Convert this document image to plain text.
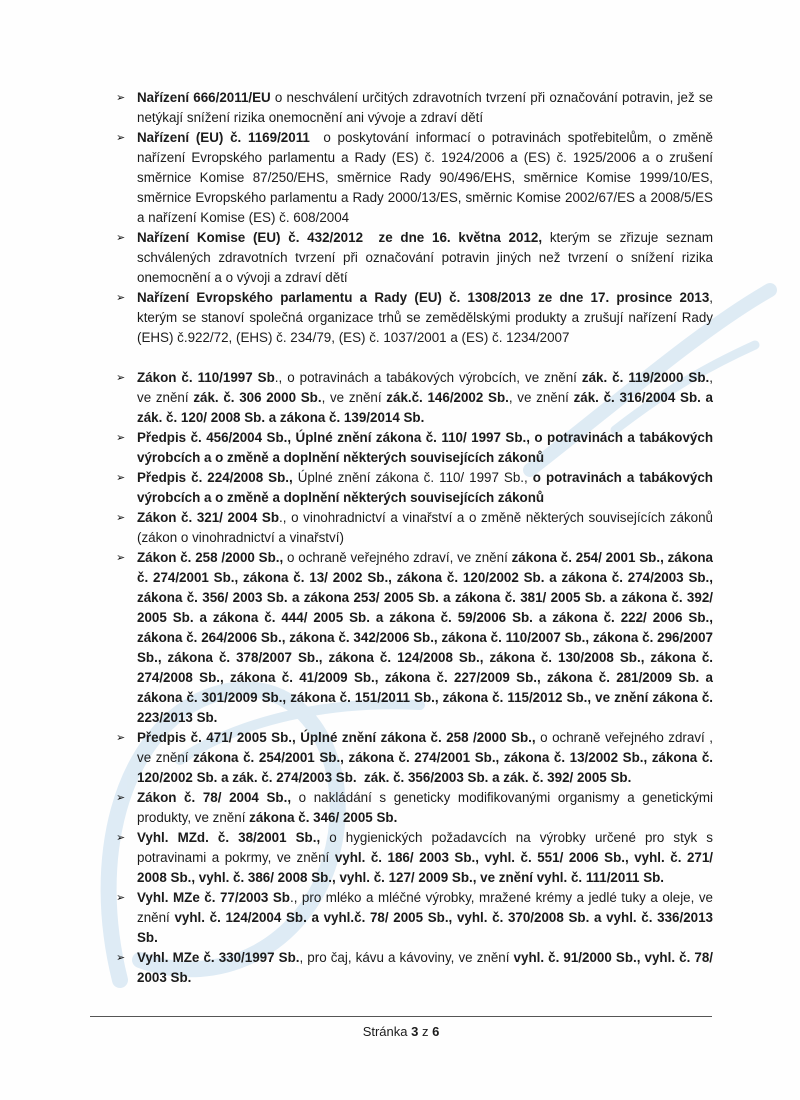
➢ Nařízení 666/2011/EU o neschválení určitých zdravotních tvrzení při označování potravin, jež se netýkají snížení rizika onemocnění ani vývoje a zdraví dětí
➢ Nařízení (EU) č. 1169/2011  o poskytování informací o potravinách spotřebitelům, o změně nařízení Evropského parlamentu a Rady (ES) č. 1924/2006 a (ES) č. 1925/2006 a o zrušení směrnice Komise 87/250/EHS, směrnice Rady 90/496/EHS, směrnice Komise 1999/10/ES, směrnice Evropského parlamentu a Rady 2000/13/ES, směrnic Komise 2002/67/ES a 2008/5/ES a nařízení Komise (ES) č. 608/2004
➢ Nařízení Komise (EU) č. 432/2012  ze dne 16. května 2012, kterým se zřizuje seznam schválených zdravotních tvrzení při označování potravin jiných než tvrzení o snížení rizika onemocnění a o vývoji a zdraví dětí
➢ Nařízení Evropského parlamentu a Rady (EU) č. 1308/2013 ze dne 17. prosince 2013, kterým se stanoví společná organizace trhů se zemědělskými produkty a zrušují nařízení Rady (EHS) č.922/72, (EHS) č. 234/79, (ES) č. 1037/2001 a (ES) č. 1234/2007
➢ Zákon č. 110/1997 Sb., o potravinách a tabákových výrobcích, ve znění zák. č. 119/2000 Sb., ve znění zák. č. 306 2000 Sb., ve znění zák.č. 146/2002 Sb., ve znění zák. č. 316/2004 Sb. a zák. č. 120/ 2008 Sb. a zákona č. 139/2014 Sb.
➢ Předpis č. 456/2004 Sb., Úplné znění zákona č. 110/ 1997 Sb., o potravinách a tabákových výrobcích a o změně a doplnění některých souvisejících zákonů
➢ Předpis č. 224/2008 Sb., Úplné znění zákona č. 110/ 1997 Sb., o potravinách a tabákových výrobcích a o změně a doplnění některých souvisejících zákonů
➢ Zákon č. 321/ 2004 Sb., o vinohradnictví a vinařství a o změně některých souvisejících zákonů (zákon o vinohradnictví a vinařství)
➢ Zákon č. 258 /2000 Sb., o ochraně veřejného zdraví, ve znění zákona č. 254/ 2001 Sb., zákona č. 274/2001 Sb., zákona č. 13/ 2002 Sb., zákona č. 120/2002 Sb. a zákona č. 274/2003 Sb., zákona č. 356/ 2003 Sb. a zákona 253/ 2005 Sb. a zákona č. 381/ 2005 Sb. a zákona č. 392/ 2005 Sb. a zákona č. 444/ 2005 Sb. a zákona č. 59/2006 Sb. a zákona č. 222/ 2006 Sb., zákona č. 264/2006 Sb., zákona č. 342/2006 Sb., zákona č. 110/2007 Sb., zákona č. 296/2007 Sb., zákona č. 378/2007 Sb., zákona č. 124/2008 Sb., zákona č. 130/2008 Sb., zákona č. 274/2008 Sb., zákona č. 41/2009 Sb., zákona č. 227/2009 Sb., zákona č. 281/2009 Sb. a zákona č. 301/2009 Sb., zákona č. 151/2011 Sb., zákona č. 115/2012 Sb., ve znění zákona č. 223/2013 Sb.
➢ Předpis č. 471/ 2005 Sb., Úplné znění zákona č. 258 /2000 Sb., o ochraně veřejného zdraví , ve znění zákona č. 254/2001 Sb., zákona č. 274/2001 Sb., zákona č. 13/2002 Sb., zákona č. 120/2002 Sb. a zák. č. 274/2003 Sb.  zák. č. 356/2003 Sb. a zák. č. 392/ 2005 Sb.
➢ Zákon č. 78/ 2004 Sb., o nakládání s geneticky modifikovanými organismy a genetickými produkty, ve znění zákona č. 346/ 2005 Sb.
➢ Vyhl. MZd. č. 38/2001 Sb., o hygienických požadavcích na výrobky určené pro styk s potravinami a pokrmy, ve znění vyhl. č. 186/ 2003 Sb., vyhl. č. 551/ 2006 Sb., vyhl. č. 271/ 2008 Sb., vyhl. č. 386/ 2008 Sb., vyhl. č. 127/ 2009 Sb., ve znění vyhl. č. 111/2011 Sb.
➢ Vyhl. MZe č. 77/2003 Sb., pro mléko a mléčné výrobky, mražené krémy a jedlé tuky a oleje, ve znění vyhl. č. 124/2004 Sb. a vyhl.č. 78/ 2005 Sb., vyhl. č. 370/2008 Sb. a vyhl. č. 336/2013 Sb.
➢ Vyhl. MZe č. 330/1997 Sb., pro čaj, kávu a kávoviny, ve znění vyhl. č. 91/2000 Sb., vyhl. č. 78/ 2003 Sb.
Stránka 3 z 6
